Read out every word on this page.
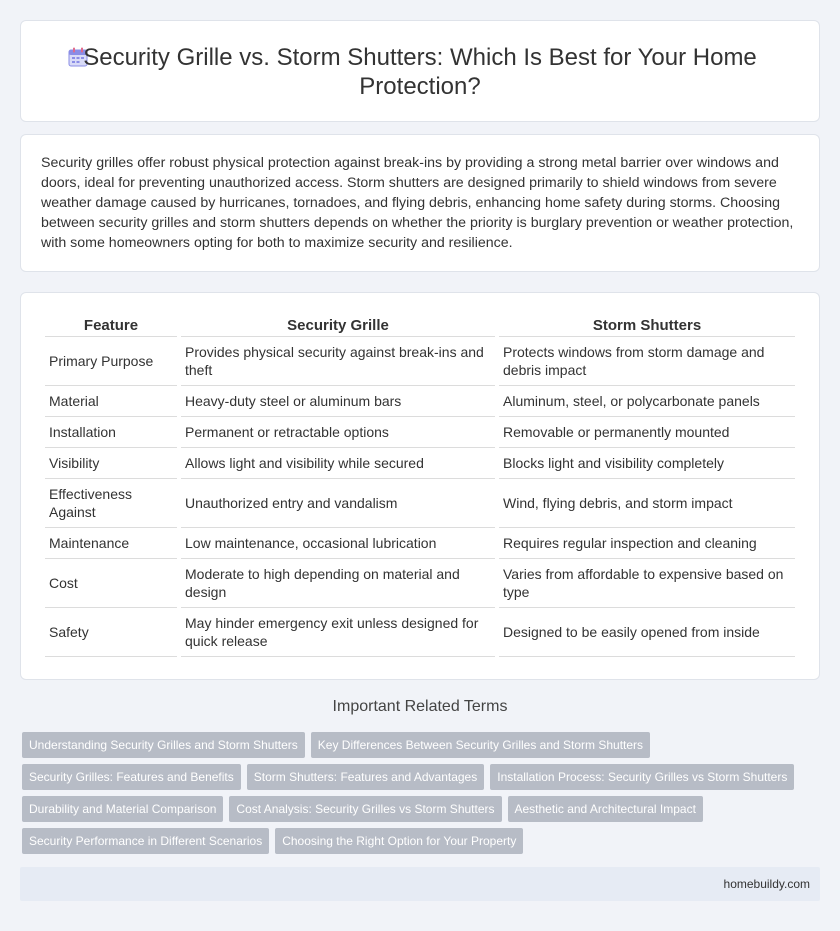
Security Grille vs. Storm Shutters: Which Is Best for Your Home Protection?

Security grilles offer robust physical protection against break-ins by providing a strong metal barrier over windows and doors, ideal for preventing unauthorized access. Storm shutters are designed primarily to shield windows from severe weather damage caused by hurricanes, tornadoes, and flying debris, enhancing home safety during storms. Choosing between security grilles and storm shutters depends on whether the priority is burglary prevention or weather protection, with some homeowners opting for both to maximize security and resilience.

Feature	Security Grille	Storm Shutters
Primary Purpose	Provides physical security against break-ins and theft	Protects windows from storm damage and debris impact
Material	Heavy-duty steel or aluminum bars	Aluminum, steel, or polycarbonate panels
Installation	Permanent or retractable options	Removable or permanently mounted
Visibility	Allows light and visibility while secured	Blocks light and visibility completely
Effectiveness Against	Unauthorized entry and vandalism	Wind, flying debris, and storm impact
Maintenance	Low maintenance, occasional lubrication	Requires regular inspection and cleaning
Cost	Moderate to high depending on material and design	Varies from affordable to expensive based on type
Safety	May hinder emergency exit unless designed for quick release	Designed to be easily opened from inside
Important Related Terms
Understanding Security Grilles and Storm Shutters	Key Differences Between Security Grilles and Storm Shutters
Security Grilles: Features and Benefits	Storm Shutters: Features and Advantages	Installation Process: Security Grilles vs Storm Shutters
Durability and Material Comparison	Cost Analysis: Security Grilles vs Storm Shutters	Aesthetic and Architectural Impact
Security Performance in Different Scenarios	Choosing the Right Option for Your Property
homebuildy.com
